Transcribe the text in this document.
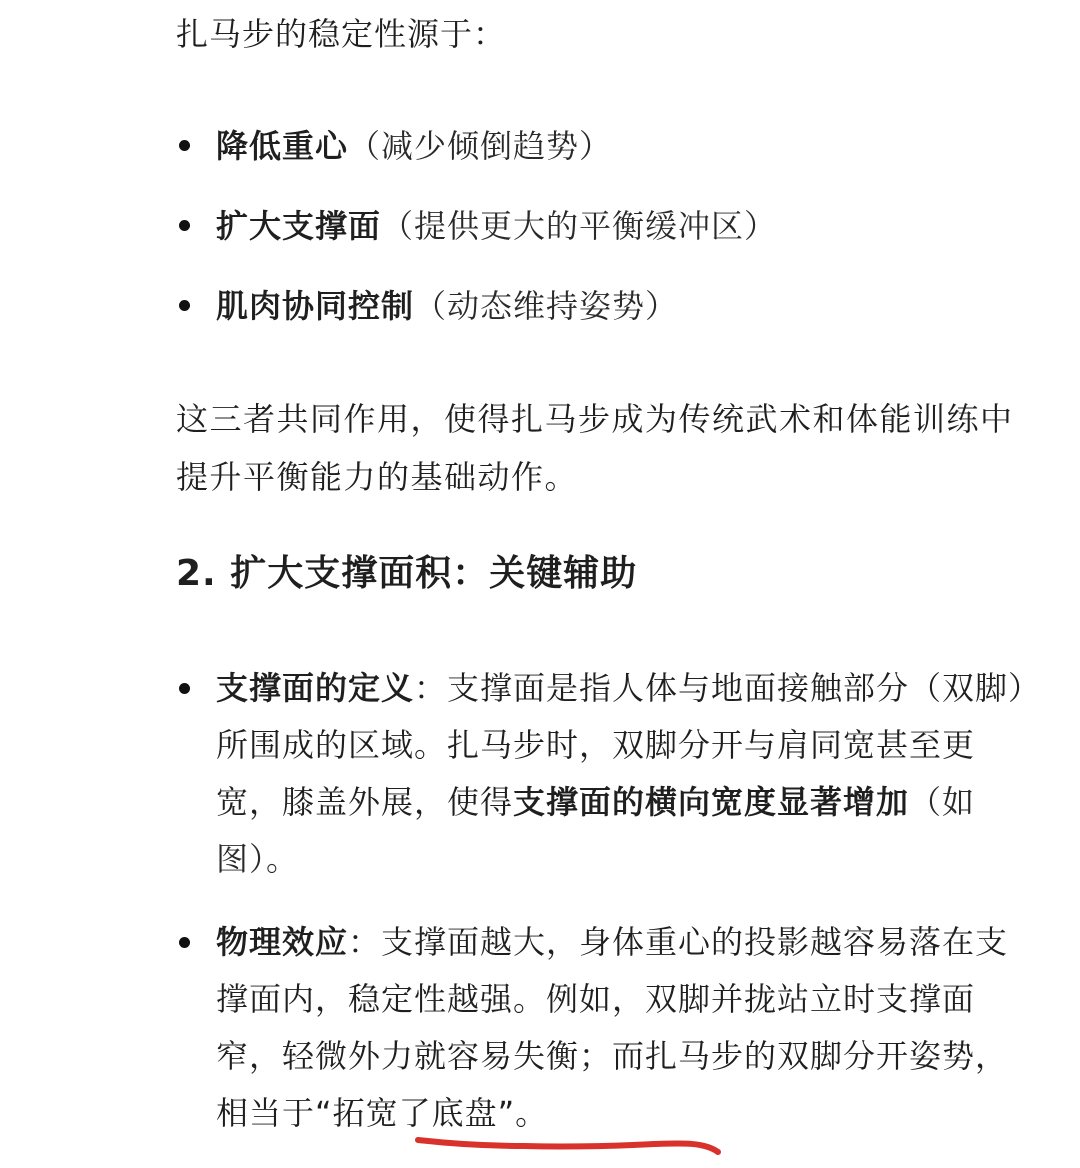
扎马步的稳定性源于：

降低重心（减少倾倒趋势）
扩大支撑面（提供更大的平衡缓冲区）
肌肉协同控制（动态维持姿势）

这三者共同作用，使得扎马步成为传统武术和体能训练中提升平衡能力的基础动作。

2. 扩大支撑面积：关键辅助
支撑面的定义：支撑面是指人体与地面接触部分（双脚）所围成的区域。扎马步时，双脚分开与肩同宽甚至更宽，膝盖外展，使得支撑面的横向宽度显著增加（如图）。
物理效应：支撑面越大，身体重心的投影越容易落在支撑面内，稳定性越强。例如，双脚并拢站立时支撑面窄，轻微外力就容易失衡；而扎马步的双脚分开姿势，相当于“拓宽了底盘”。
